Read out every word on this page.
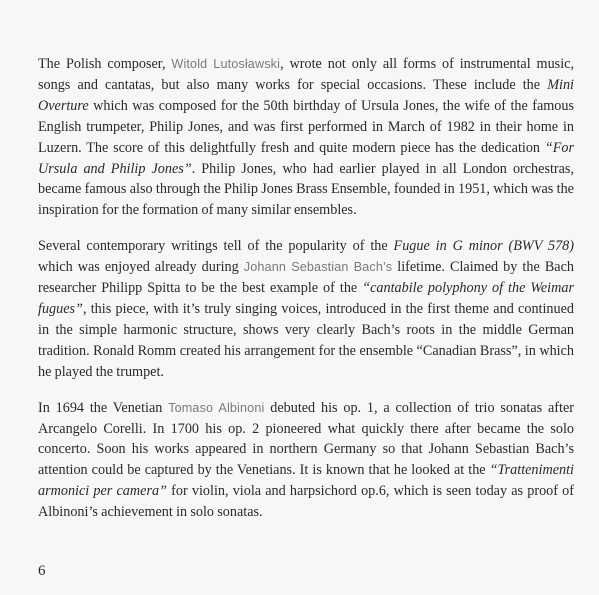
The Polish composer, Witold Lutosławski, wrote not only all forms of instrumental music, songs and cantatas, but also many works for special occasions. These include the Mini Overture which was composed for the 50th birthday of Ursula Jones, the wife of the famous English trumpeter, Philip Jones, and was first performed in March of 1982 in their home in Luzern. The score of this delightfully fresh and quite modern piece has the dedication “For Ursula and Philip Jones”. Philip Jones, who had earlier played in all London orchestras, became famous also through the Philip Jones Brass Ensemble, founded in 1951, which was the inspiration for the formation of many similar ensembles.

Several contemporary writings tell of the popularity of the Fugue in G minor (BWV 578) which was enjoyed already during Johann Sebastian Bach’s lifetime. Claimed by the Bach researcher Philipp Spitta to be the best example of the “cantabile polyphony of the Weimar fugues”, this piece, with it’s truly singing voices, introduced in the first theme and continued in the simple harmonic structure, shows very clearly Bach’s roots in the middle German tradition. Ronald Romm created his arrangement for the ensemble “Canadian Brass”, in which he played the trumpet.

In 1694 the Venetian Tomaso Albinoni debuted his op. 1, a collection of trio sonatas after Arcangelo Corelli. In 1700 his op. 2 pioneered what quickly there after became the solo concerto. Soon his works appeared in northern Germany so that Johann Sebastian Bach’s attention could be captured by the Venetians. It is known that he looked at the “Trattenimenti armonici per camera” for violin, viola and harpsichord op.6, which is seen today as proof of Albinoni’s achievement in solo sonatas.

6
